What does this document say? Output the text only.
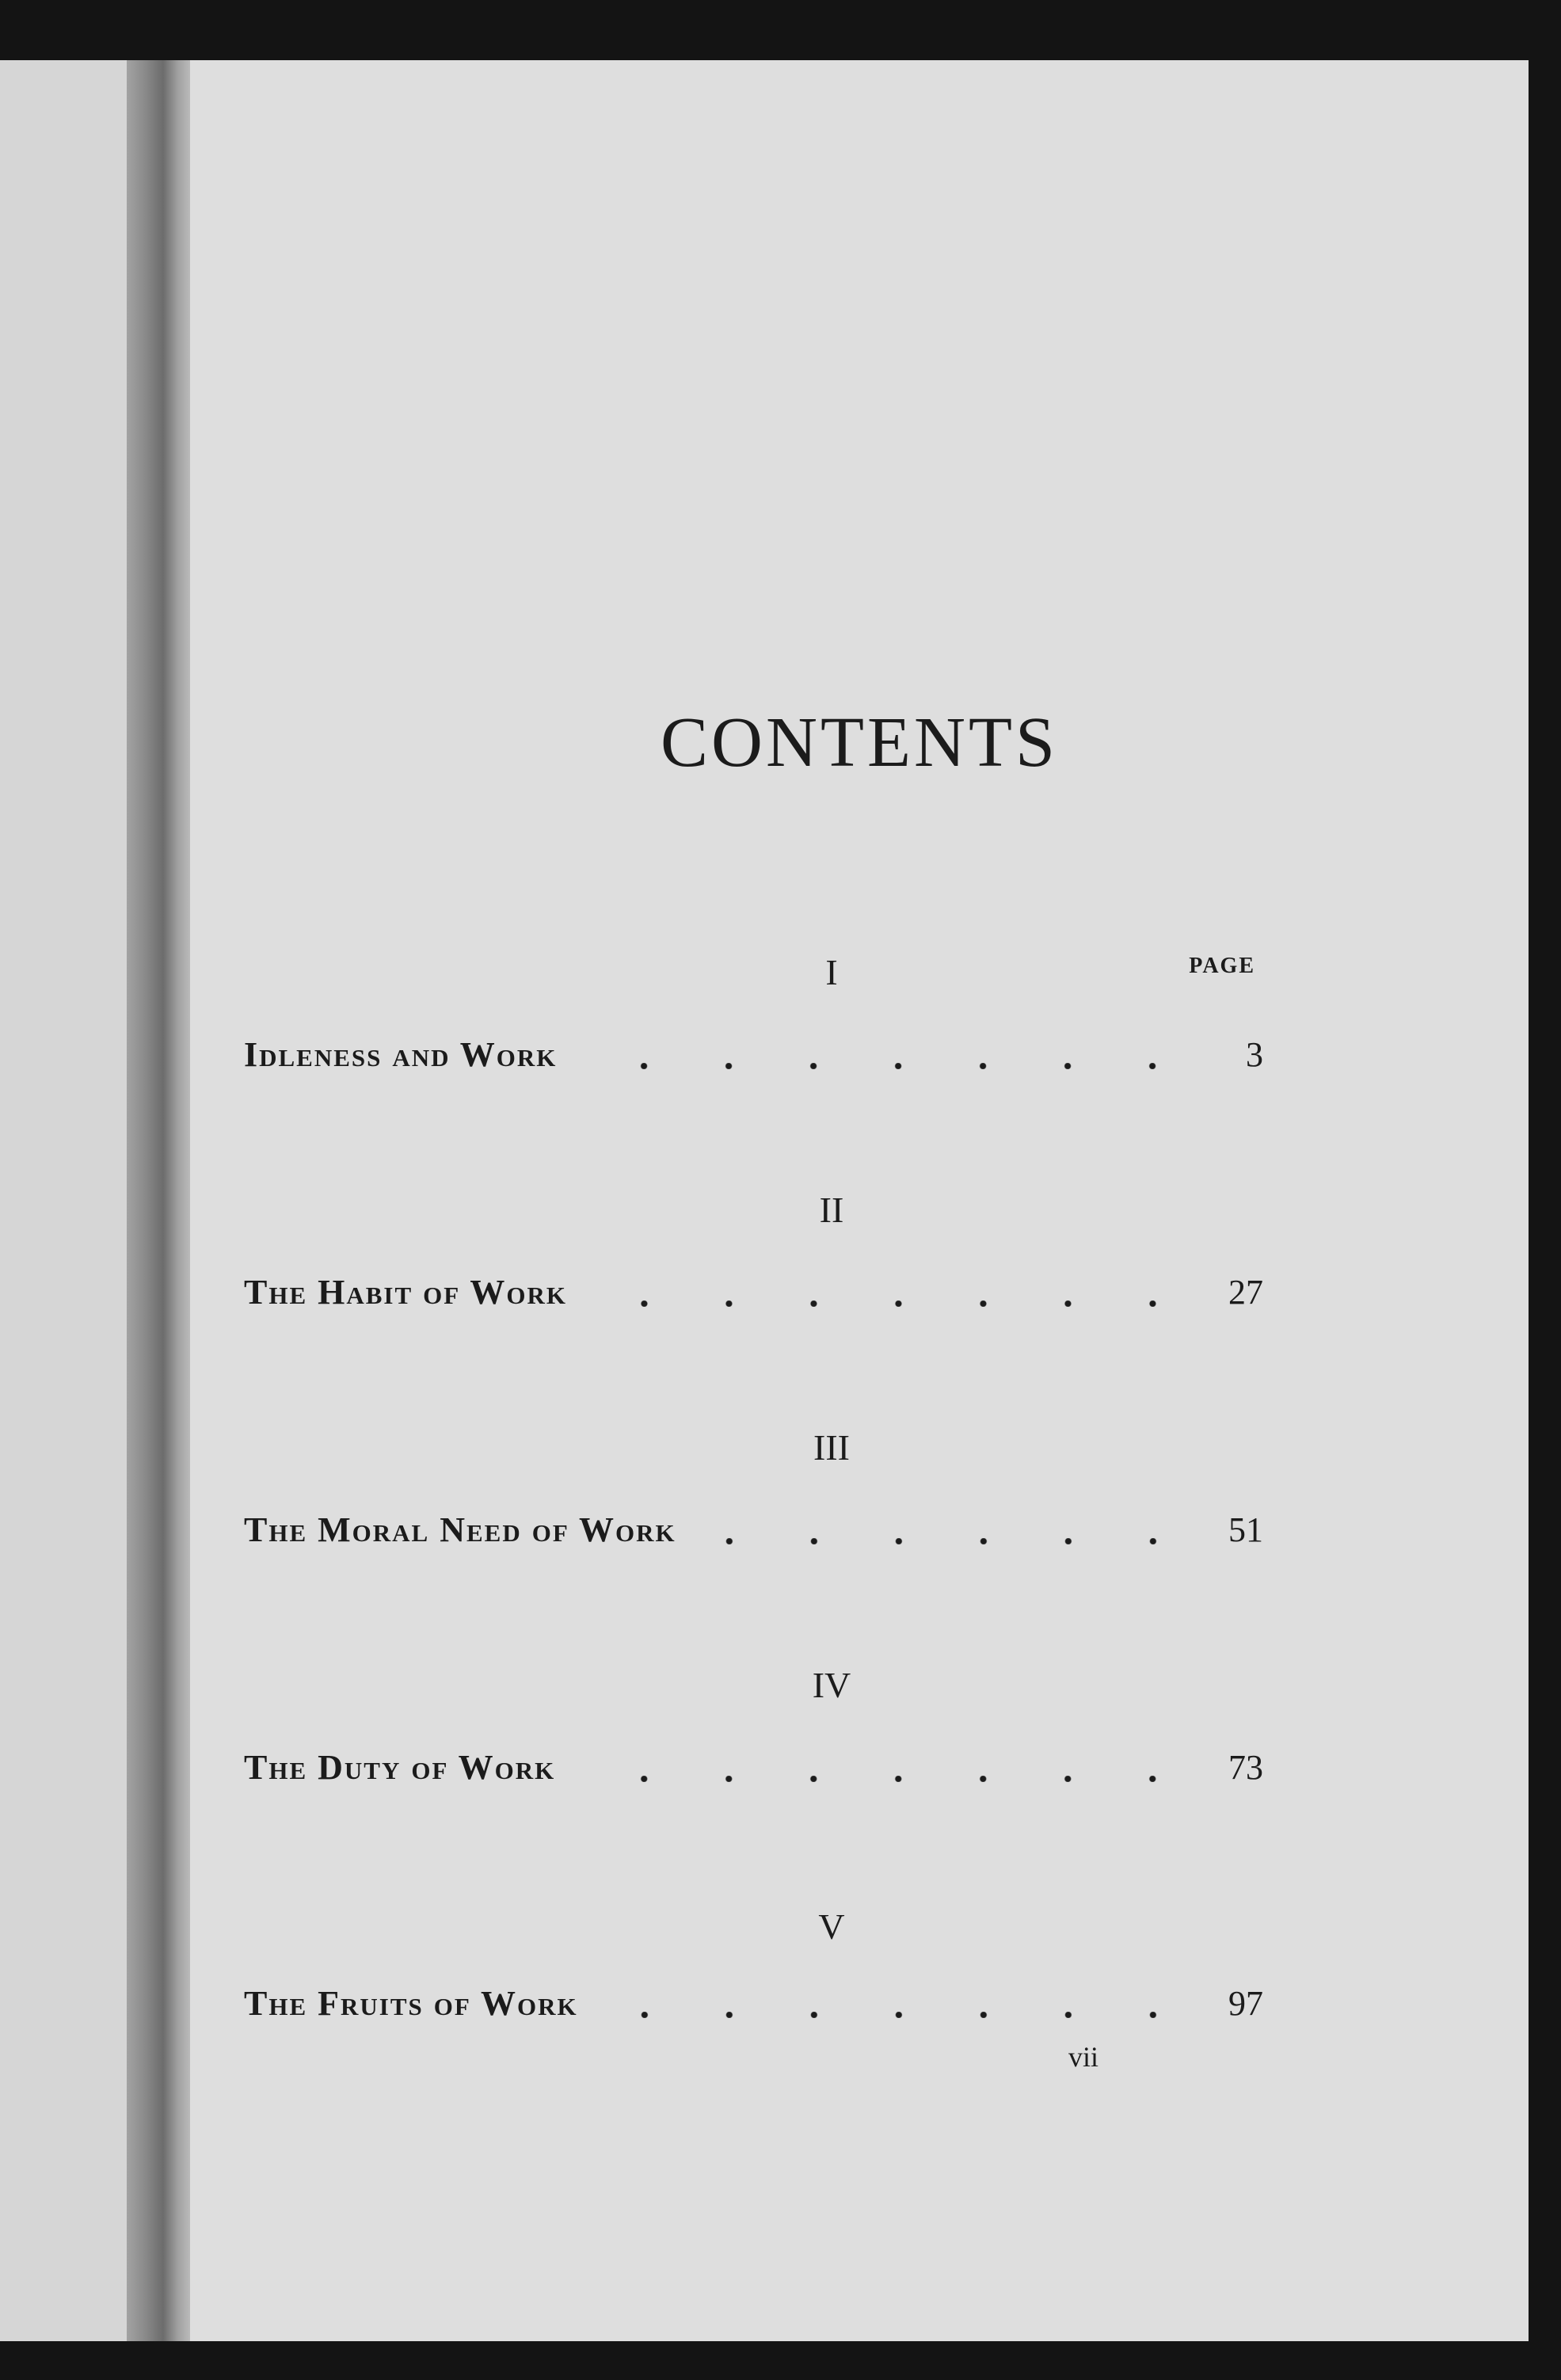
CONTENTS
PAGE
I
Idleness and Work	3
II
The Habit of Work	27
III
The Moral Need of Work	51
IV
The Duty of Work	73
V
The Fruits of Work	97
vii
